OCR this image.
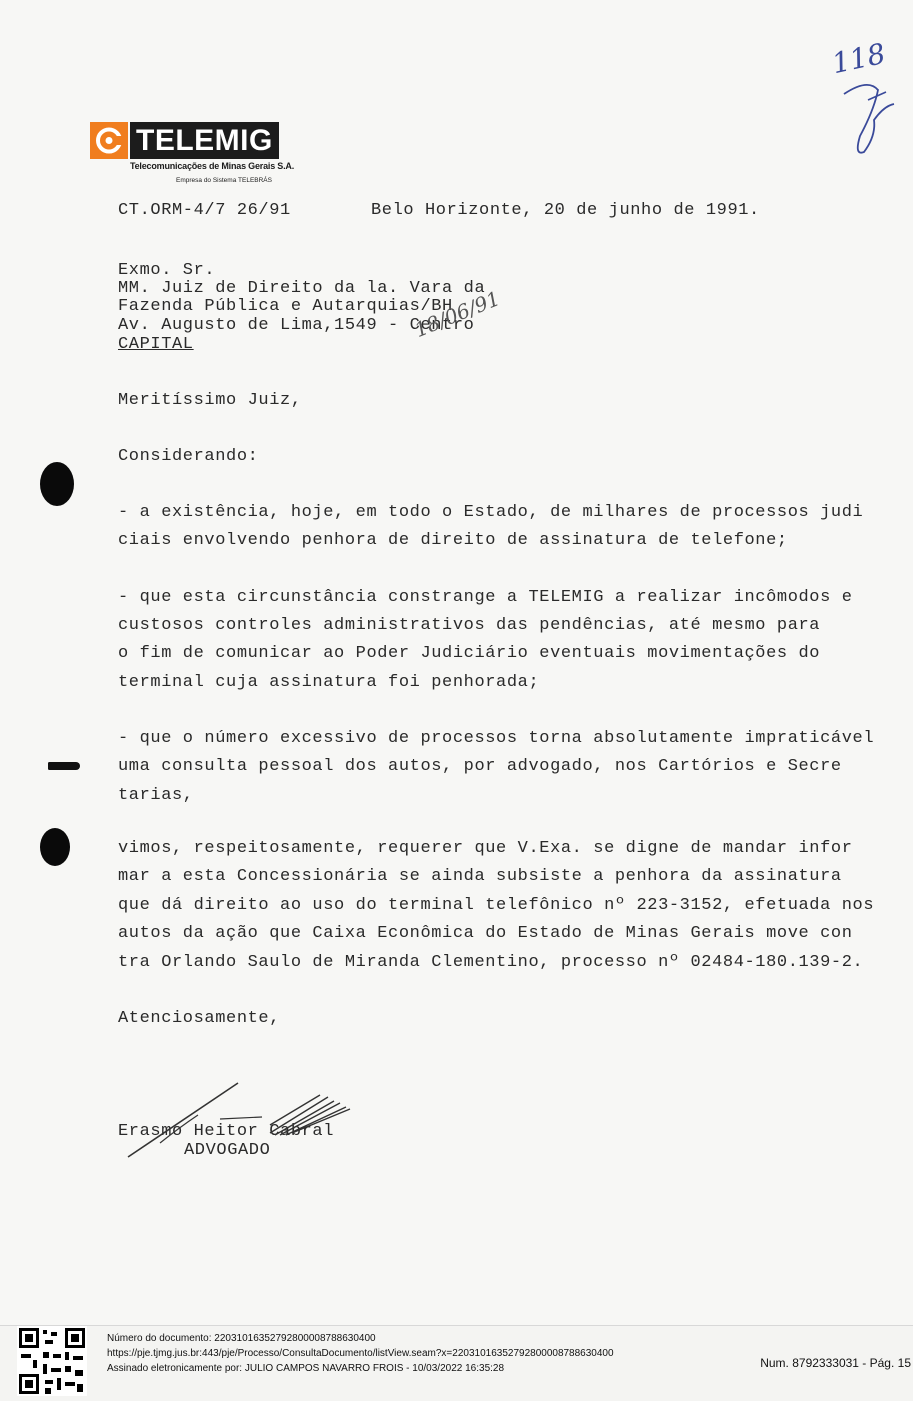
TELEMIG
Telecomunicações de Minas Gerais S.A.
Empresa do Sistema TELEBRÁS
CT.ORM-4/7 26/91	Belo Horizonte, 20 de junho de 1991.
Exmo. Sr.
MM. Juiz de Direito da la. Vara da
Fazenda Pública e Autarquias/BH
Av. Augusto de Lima,1549 - Centro
CAPITAL
18/06/91
Meritíssimo Juiz,
Considerando:
- a existência, hoje, em todo o Estado, de milhares de processos judi
ciais envolvendo penhora de direito de assinatura de telefone;
- que esta circunstância constrange a TELEMIG a realizar incômodos e
custosos controles administrativos das pendências, até mesmo para
o fim de comunicar ao Poder Judiciário eventuais movimentações do
terminal cuja assinatura foi penhorada;
- que o número excessivo de processos torna absolutamente impraticável
uma consulta pessoal dos autos, por advogado, nos Cartórios e Secre
tarias,
vimos, respeitosamente, requerer que V.Exa. se digne de mandar infor
mar a esta Concessionária se ainda subsiste a penhora da assinatura
que dá direito ao uso do terminal telefônico nº 223-3152, efetuada nos
autos da ação que Caixa Econômica do Estado de Minas Gerais move con
tra Orlando Saulo de Miranda Clementino, processo nº 02484-180.139-2.
Atenciosamente,
Erasmo Heitor Cabral
ADVOGADO
118
Número do documento: 22031016352792800008788630400
https://pje.tjmg.jus.br:443/pje/Processo/ConsultaDocumento/listView.seam?x=22031016352792800008788630400
Assinado eletronicamente por: JULIO CAMPOS NAVARRO FROIS - 10/03/2022 16:35:28	Num. 8792333031 - Pág. 15
